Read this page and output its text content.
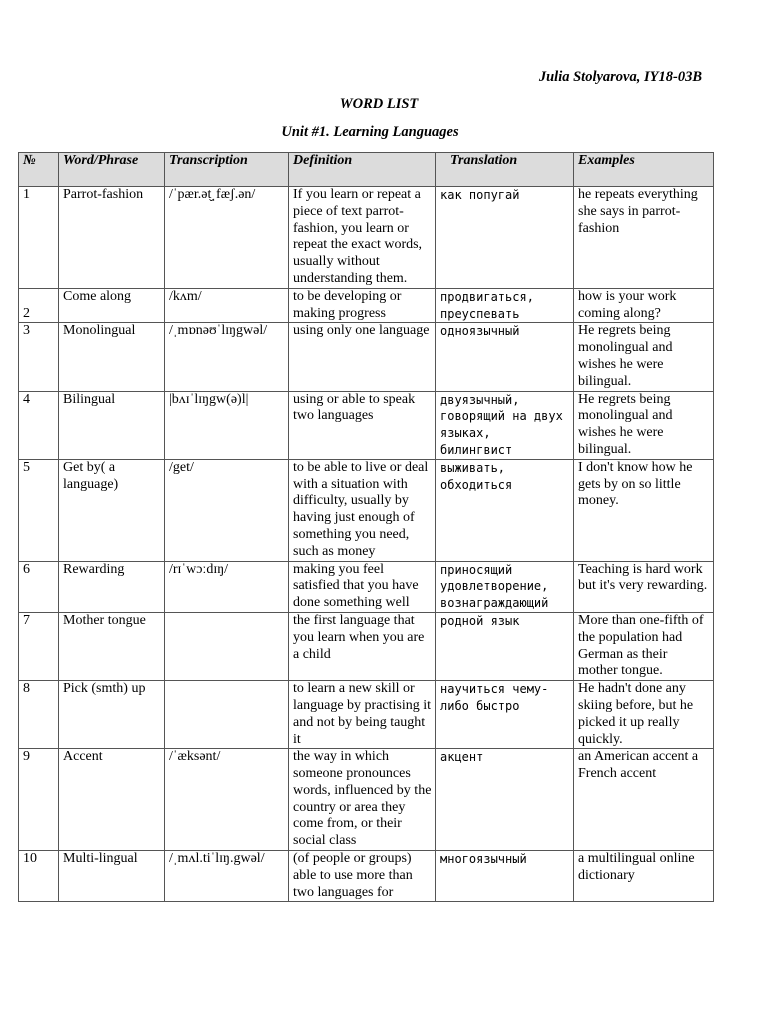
Julia Stolyarova, IY18-03B
WORD LIST
Unit #1. Learning Languages
№	Word/Phrase	Transcription	Definition	Translation	Examples
1	Parrot-fashion	/ˈpær.ət̬ˌfæʃ.ən/	If you learn or repeat a piece of text parrot-fashion, you learn or repeat the exact words, usually without understanding them.	как попугай	he repeats everything she says in parrot-fashion
2	Come along	/kʌm/	to be developing or making progress	продвигаться, преуспевать	how is your work coming along?
3	Monolingual	/ˌmɒnəʊˈlɪŋgwəl/	using only one language	одноязычный	He regrets being monolingual and wishes he were bilingual.
4	Bilingual	|bʌɪˈlɪŋgw(ə)l|	using or able to speak two languages	двуязычный, говорящий на двух языках, билингвист	He regrets being monolingual and wishes he were bilingual.
5	Get by( a language)	/get/	to be able to live or deal with a situation with difficulty, usually by having just enough of something you need, such as money	выживать, обходиться	I don't know how he gets by on so little money.
6	Rewarding	/rɪˈwɔːdɪŋ/	making you feel satisfied that you have done something well	приносящий удовлетворение, вознаграждающий	Teaching is hard work but it's very rewarding.
7	Mother tongue		the first language that you learn when you are a child	родной язык	More than one-fifth of the population had German as their mother tongue.
8	Pick (smth) up		to learn a new skill or language by practising it and not by being taught it	научиться чему-либо быстро	He hadn't done any skiing before, but he picked it up really quickly.
9	Accent	/ˈæksənt/	the way in which someone pronounces words, influenced by the country or area they come from, or their social class	акцент	an American accent a French accent
10	Multi-lingual	/ˌmʌl.tiˈlɪŋ.gwəl/	(of people or groups) able to use more than two languages for	многоязычный	a multilingual online dictionary
